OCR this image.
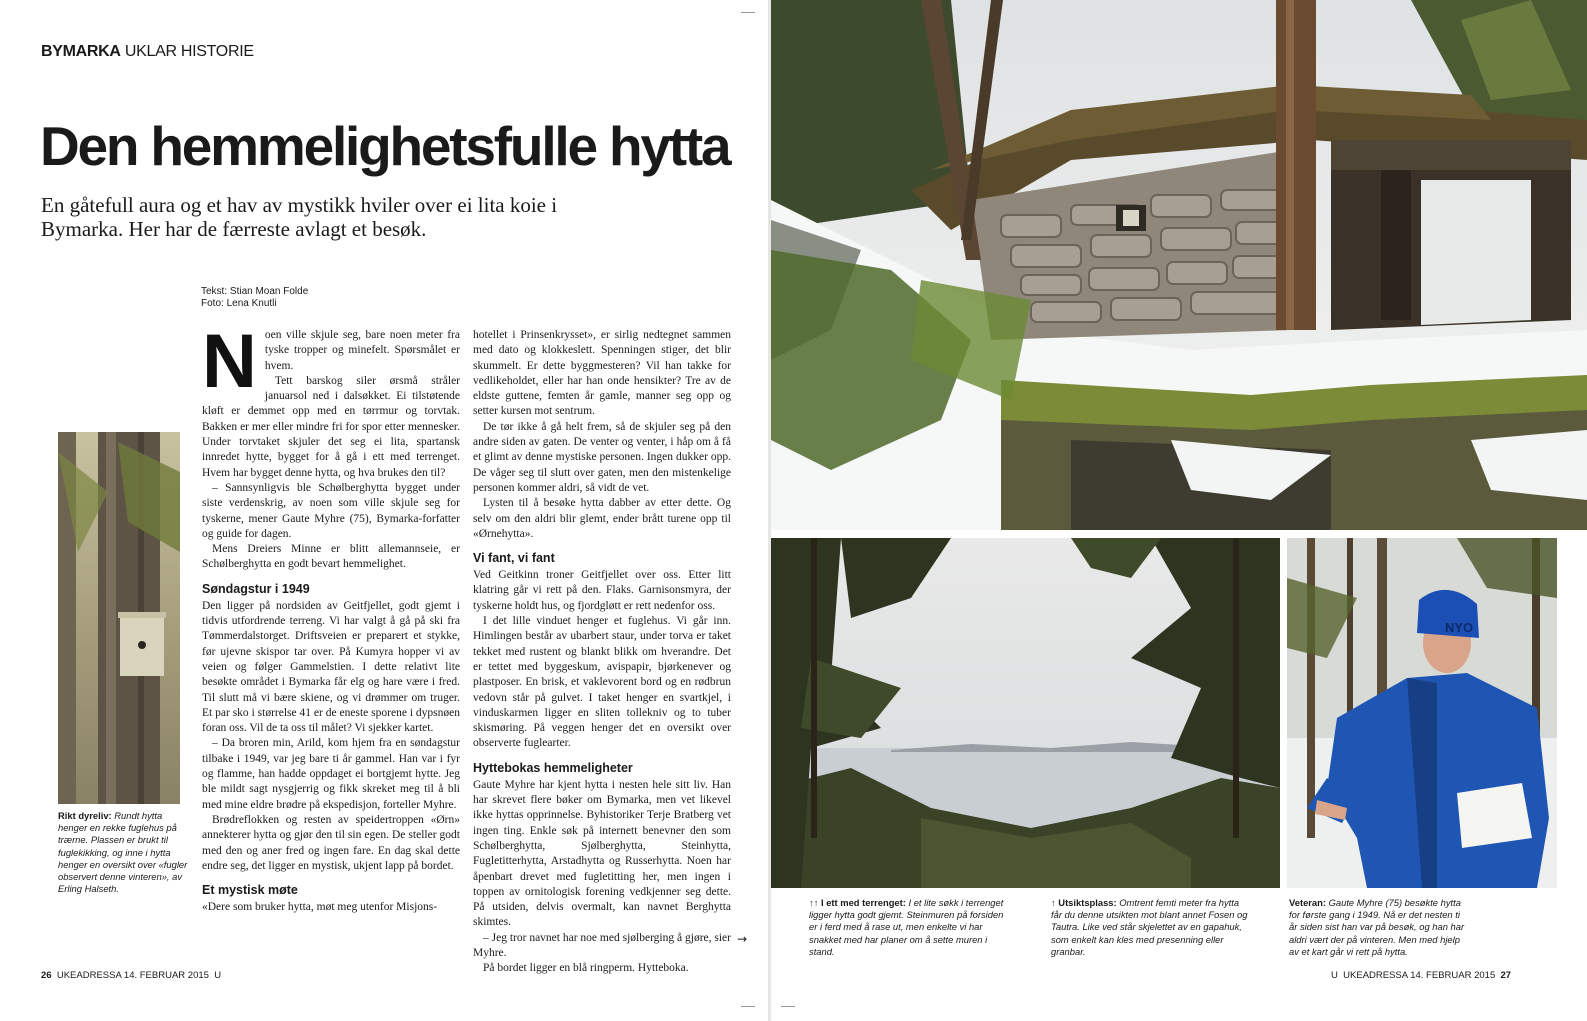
BYMARKA UKLAR HISTORIE
Den hemmelighetsfulle hytta

En gåtefull aura og et hav av mystikk hviler over ei lita koie i Bymarka. Her har de færreste avlagt et besøk.

Tekst: Stian Moan Folde
Foto: Lena Knutli
Rikt dyreliv: Rundt hytta henger en rekke fuglehus på trærne. Plassen er brukt til fuglekikking, og inne i hytta henger en oversikt over «fugler observert denne vinteren», av Erling Halseth.
N oen ville skjule seg, bare noen meter fra tyske tropper og minefelt. Spørsmålet er hvem.

Tett barskog siler ørsmå stråler januarsol ned i dalsøkket. Ei tilstøtende kløft er demmet opp med en tørrmur og torvtak. Bakken er mer eller mindre fri for spor etter mennesker. Under torvtaket skjuler det seg ei lita, spartansk innredet hytte, bygget for å gå i ett med terrenget. Hvem har bygget denne hytta, og hva brukes den til?

– Sannsynligvis ble Schølberghytta bygget under siste verdenskrig, av noen som ville skjule seg for tyskerne, mener Gaute Myhre (75), Bymarka-forfatter og guide for dagen.

Mens Dreiers Minne er blitt allemannseie, er Schølberghytta en godt bevart hemmelighet.

Søndagstur i 1949

Den ligger på nordsiden av Geitfjellet, godt gjemt i tidvis utfordrende terreng. Vi har valgt å gå på ski fra Tømmerdalstorget. Driftsveien er preparert et stykke, før ujevne skispor tar over. På Kumyra hopper vi av veien og følger Gammelstien. I dette relativt lite besøkte området i Bymarka får elg og hare være i fred. Til slutt må vi bære skiene, og vi drømmer om truger. Et par sko i størrelse 41 er de eneste sporene i dypsnøen foran oss. Vil de ta oss til målet? Vi sjekker kartet.

– Da broren min, Arild, kom hjem fra en søndagstur tilbake i 1949, var jeg bare ti år gammel. Han var i fyr og flamme, han hadde oppdaget ei bortgjemt hytte. Jeg ble mildt sagt nysgjerrig og fikk skreket meg til å bli med mine eldre brødre på ekspedisjon, forteller Myhre.

Brødreflokken og resten av speidertroppen «Ørn» annekterer hytta og gjør den til sin egen. De steller godt med den og aner fred og ingen fare. En dag skal dette endre seg, det ligger en mystisk, ukjent lapp på bordet.

Et mystisk møte

«Dere som bruker hytta, møt meg utenfor Misjons-

hotellet i Prinsenkrysset», er sirlig nedtegnet sammen med dato og klokkeslett. Spenningen stiger, det blir skummelt. Er dette byggmesteren? Vil han takke for vedlikeholdet, eller har han onde hensikter? Tre av de eldste guttene, femten år gamle, manner seg opp og setter kursen mot sentrum.

De tør ikke å gå helt frem, så de skjuler seg på den andre siden av gaten. De venter og venter, i håp om å få et glimt av denne mystiske personen. Ingen dukker opp. De våger seg til slutt over gaten, men den mistenkelige personen kommer aldri, så vidt de vet.

Lysten til å besøke hytta dabber av etter dette. Og selv om den aldri blir glemt, ender brått turene opp til «Ørnehytta».

Vi fant, vi fant

Ved Geitkinn troner Geitfjellet over oss. Etter litt klatring går vi rett på den. Flaks. Garnisonsmyra, der tyskerne holdt hus, og fjordgløtt er rett nedenfor oss.

I det lille vinduet henger et fuglehus. Vi går inn. Himlingen består av ubarbert staur, under torva er taket tekket med rustent og blankt blikk om hverandre. Det er tettet med byggeskum, avispapir, bjørkenever og plastposer. En brisk, et vaklevorent bord og en rødbrun vedovn står på gulvet. I taket henger en svartkjel, i vinduskarmen ligger en sliten tollekniv og to tuber skismøring. På veggen henger det en oversikt over observerte fuglearter.

Hyttebokas hemmeligheter

Gaute Myhre har kjent hytta i nesten hele sitt liv. Han har skrevet flere bøker om Bymarka, men vet likevel ikke hyttas opprinnelse. Byhistoriker Terje Bratberg vet ingen ting. Enkle søk på internett benevner den som Schølberghytta, Sjølberghytta, Steinhytta, Fugletitterhytta, Arstadhytta og Russerhytta. Noen har åpenbart drevet med fugletitting her, men ingen i toppen av ornitologisk forening vedkjenner seg dette. På utsiden, delvis overmalt, kan navnet Berghytta skimtes.

– Jeg tror navnet har noe med sjølberging å gjøre, sier Myhre.

På bordet ligger en blå ringperm. Hytteboka.

→
26 UKEADRESSA 14. FEBRUAR 2015 U
NYO
↑↑ I ett med terrenget: I et lite søkk i terrenget ligger hytta godt gjemt. Steinmuren på forsiden er i ferd med å rase ut, men enkelte vi har snakket med har planer om å sette muren i stand.
↑ Utsiktsplass: Omtrent femti meter fra hytta får du denne utsikten mot blant annet Fosen og Tautra. Like ved står skjelettet av en gapahuk, som enkelt kan kles med presenning eller granbar.
Veteran: Gaute Myhre (75) besøkte hytta for første gang i 1949. Nå er det nesten ti år siden sist han var på besøk, og han har aldri vært der på vinteren. Men med hjelp av et kart går vi rett på hytta.
U UKEADRESSA 14. FEBRUAR 2015 27
